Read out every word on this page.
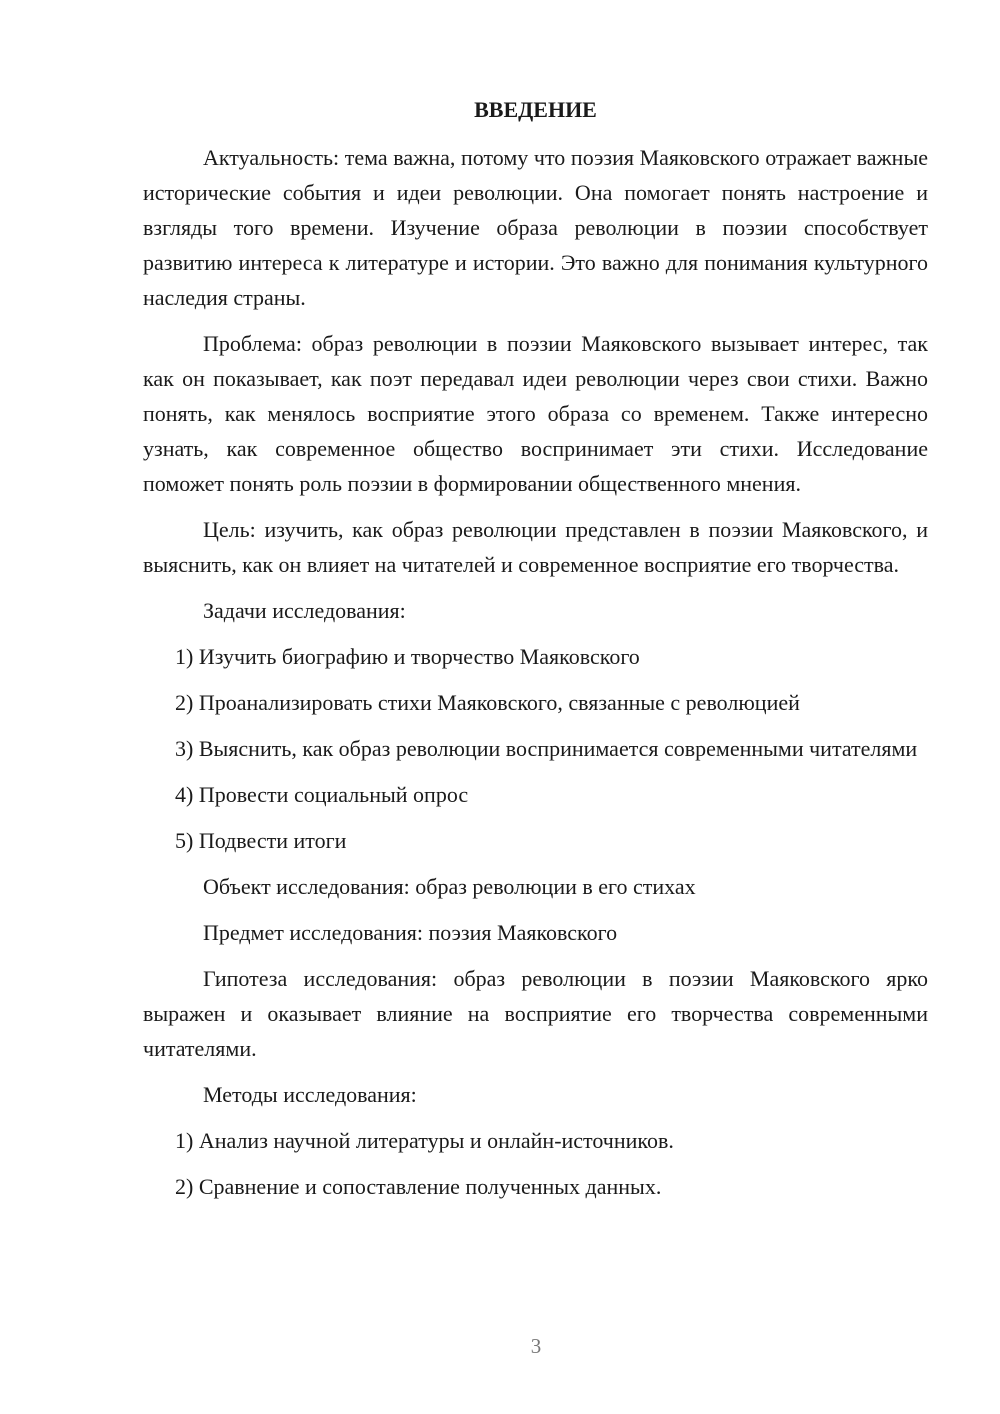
ВВЕДЕНИЕ

Актуальность: тема важна, потому что поэзия Маяковского отражает важные исторические события и идеи революции. Она помогает понять настроение и взгляды того времени. Изучение образа революции в поэзии способствует развитию интереса к литературе и истории. Это важно для понимания культурного наследия страны.

Проблема: образ революции в поэзии Маяковского вызывает интерес, так как он показывает, как поэт передавал идеи революции через свои стихи. Важно понять, как менялось восприятие этого образа со временем. Также интересно узнать, как современное общество воспринимает эти стихи. Исследование поможет понять роль поэзии в формировании общественного мнения.

Цель: изучить, как образ революции представлен в поэзии Маяковского, и выяснить, как он влияет на читателей и современное восприятие его творчества.

Задачи исследования:

1) Изучить биографию и творчество Маяковского

2) Проанализировать стихи Маяковского, связанные с революцией

3) Выяснить, как образ революции воспринимается современными читателями

4) Провести социальный опрос

5) Подвести итоги

Объект исследования: образ революции в его стихах

Предмет исследования: поэзия Маяковского

Гипотеза исследования: образ революции в поэзии Маяковского ярко выражен и оказывает влияние на восприятие его творчества современными читателями.

Методы исследования:

1) Анализ научной литературы и онлайн-источников.

2) Сравнение и сопоставление полученных данных.

3
